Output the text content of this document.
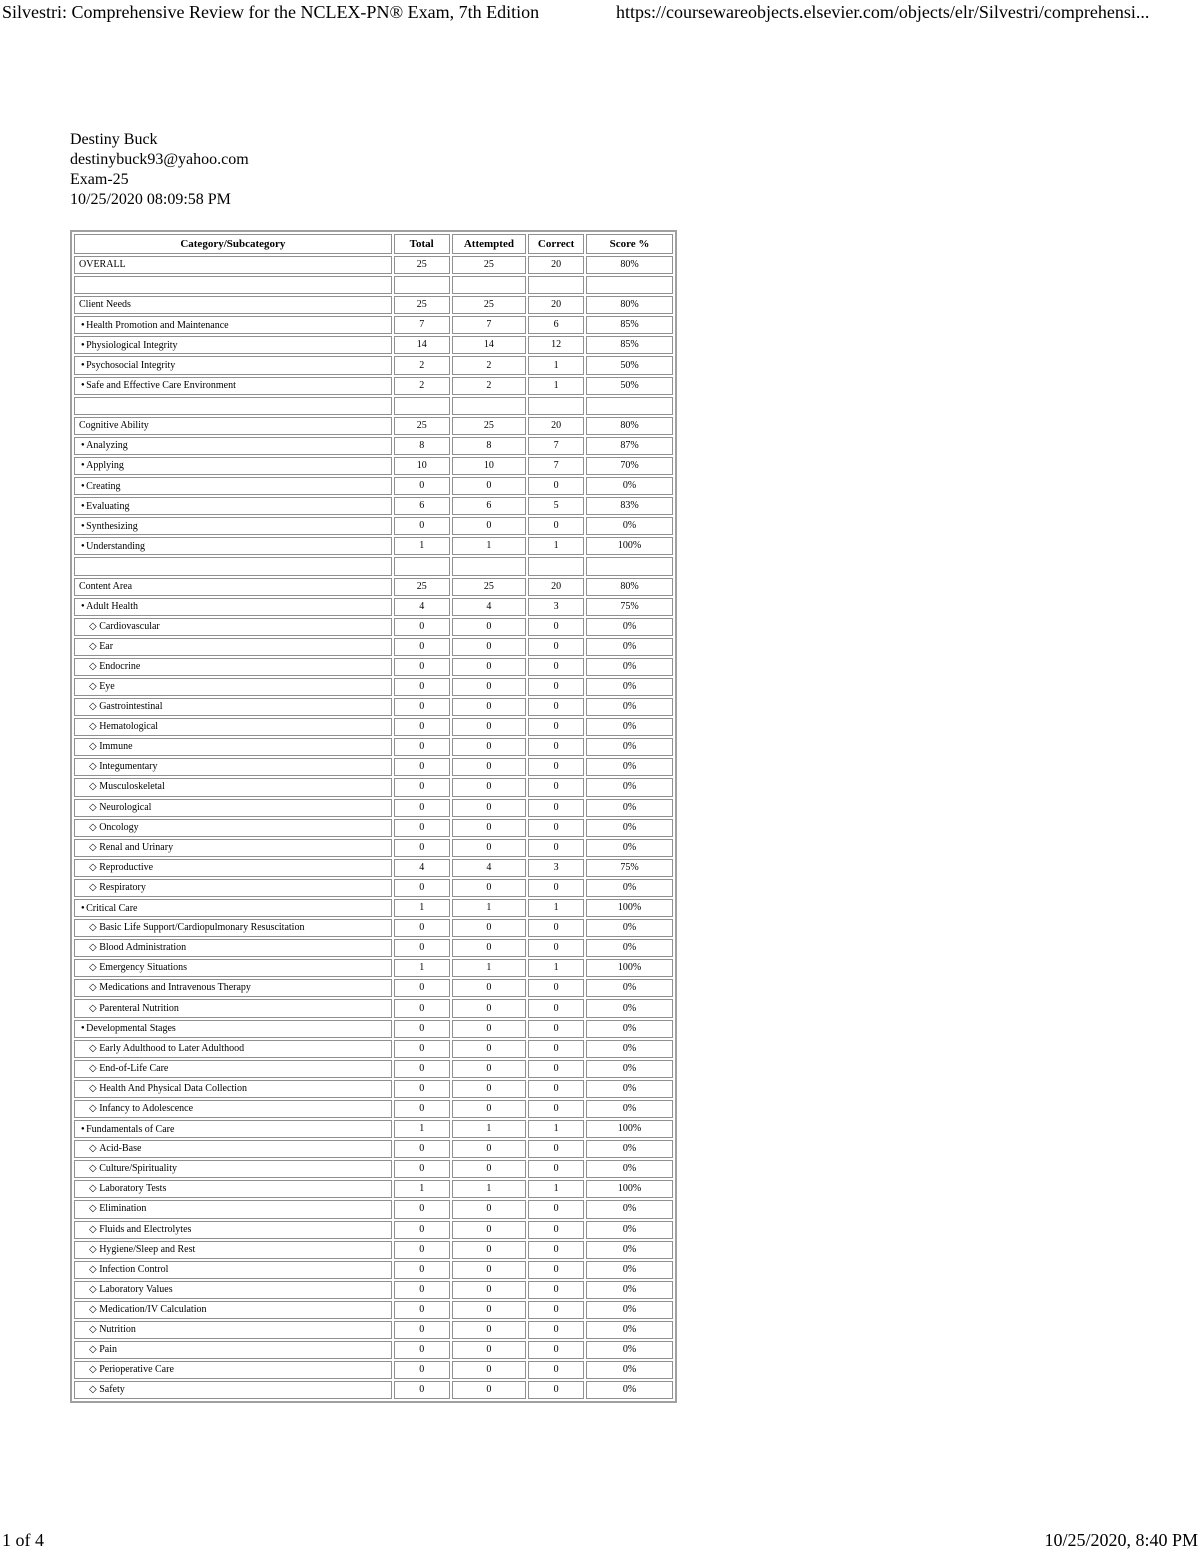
Silvestri: Comprehensive Review for the NCLEX-PN® Exam, 7th Edition	https://coursewareobjects.elsevier.com/objects/elr/Silvestri/comprehensi...
Destiny Buck
destinybuck93@yahoo.com
Exam-25
10/25/2020 08:09:58 PM
Category/Subcategory	Total	Attempted	Correct	Score %
OVERALL	25	25	20	80%

Client Needs	25	25	20	80%
● Health Promotion and Maintenance	7	7	6	85%
● Physiological Integrity	14	14	12	85%
● Psychosocial Integrity	2	2	1	50%
● Safe and Effective Care Environment	2	2	1	50%

Cognitive Ability	25	25	20	80%
● Analyzing	8	8	7	87%
● Applying	10	10	7	70%
● Creating	0	0	0	0%
● Evaluating	6	6	5	83%
● Synthesizing	0	0	0	0%
● Understanding	1	1	1	100%

Content Area	25	25	20	80%
● Adult Health	4	4	3	75%
◇ Cardiovascular	0	0	0	0%
◇ Ear	0	0	0	0%
◇ Endocrine	0	0	0	0%
◇ Eye	0	0	0	0%
◇ Gastrointestinal	0	0	0	0%
◇ Hematological	0	0	0	0%
◇ Immune	0	0	0	0%
◇ Integumentary	0	0	0	0%
◇ Musculoskeletal	0	0	0	0%
◇ Neurological	0	0	0	0%
◇ Oncology	0	0	0	0%
◇ Renal and Urinary	0	0	0	0%
◇ Reproductive	4	4	3	75%
◇ Respiratory	0	0	0	0%
● Critical Care	1	1	1	100%
◇ Basic Life Support/Cardiopulmonary Resuscitation	0	0	0	0%
◇ Blood Administration	0	0	0	0%
◇ Emergency Situations	1	1	1	100%
◇ Medications and Intravenous Therapy	0	0	0	0%
◇ Parenteral Nutrition	0	0	0	0%
● Developmental Stages	0	0	0	0%
◇ Early Adulthood to Later Adulthood	0	0	0	0%
◇ End-of-Life Care	0	0	0	0%
◇ Health And Physical Data Collection	0	0	0	0%
◇ Infancy to Adolescence	0	0	0	0%
● Fundamentals of Care	1	1	1	100%
◇ Acid-Base	0	0	0	0%
◇ Culture/Spirituality	0	0	0	0%
◇ Laboratory Tests	1	1	1	100%
◇ Elimination	0	0	0	0%
◇ Fluids and Electrolytes	0	0	0	0%
◇ Hygiene/Sleep and Rest	0	0	0	0%
◇ Infection Control	0	0	0	0%
◇ Laboratory Values	0	0	0	0%
◇ Medication/IV Calculation	0	0	0	0%
◇ Nutrition	0	0	0	0%
◇ Pain	0	0	0	0%
◇ Perioperative Care	0	0	0	0%
◇ Safety	0	0	0	0%
1 of 4	10/25/2020, 8:40 PM
